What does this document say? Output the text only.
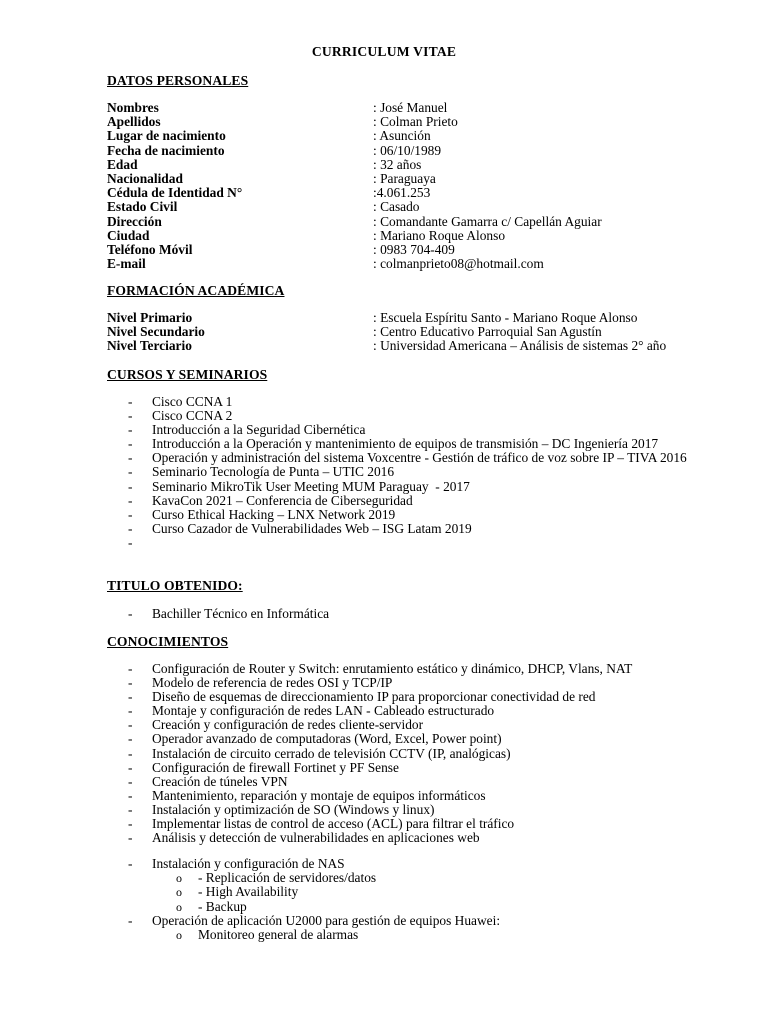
CURRICULUM VITAE
DATOS PERSONALES
Nombres	: José Manuel
Apellidos	: Colman Prieto
Lugar de nacimiento	: Asunción
Fecha de nacimiento	: 06/10/1989
Edad	: 32 años
Nacionalidad	: Paraguaya
Cédula de Identidad N°	:4.061.253
Estado Civil	: Casado
Dirección	: Comandante Gamarra c/ Capellán Aguiar
Ciudad	: Mariano Roque Alonso
Teléfono Móvil	: 0983 704-409
E-mail	: colmanprieto08@hotmail.com
FORMACIÓN ACADÉMICA
Nivel Primario	: Escuela Espíritu Santo - Mariano Roque Alonso
Nivel Secundario	: Centro Educativo Parroquial San Agustín
Nivel Terciario	: Universidad Americana – Análisis de sistemas 2° año
CURSOS Y SEMINARIOS
- Cisco CCNA 1
- Cisco CCNA 2
- Introducción a la Seguridad Cibernética
- Introducción a la Operación y mantenimiento de equipos de transmisión – DC Ingeniería 2017
- Operación y administración del sistema Voxcentre - Gestión de tráfico de voz sobre IP – TIVA 2016
- Seminario Tecnología de Punta – UTIC 2016
- Seminario MikroTik User Meeting MUM Paraguay  - 2017
- KavaCon 2021 – Conferencia de Ciberseguridad
- Curso Ethical Hacking – LNX Network 2019
- Curso Cazador de Vulnerabilidades Web – ISG Latam 2019
-
TITULO OBTENIDO:
- Bachiller Técnico en Informática
CONOCIMIENTOS
- Configuración de Router y Switch: enrutamiento estático y dinámico, DHCP, Vlans, NAT
- Modelo de referencia de redes OSI y TCP/IP
- Diseño de esquemas de direccionamiento IP para proporcionar conectividad de red
- Montaje y configuración de redes LAN - Cableado estructurado
- Creación y configuración de redes cliente-servidor
- Operador avanzado de computadoras (Word, Excel, Power point)
- Instalación de circuito cerrado de televisión CCTV (IP, analógicas)
- Configuración de firewall Fortinet y PF Sense
- Creación de túneles VPN
- Mantenimiento, reparación y montaje de equipos informáticos
- Instalación y optimización de SO (Windows y linux)
- Implementar listas de control de acceso (ACL) para filtrar el tráfico
- Análisis y detección de vulnerabilidades en aplicaciones web
- Instalación y configuración de NAS
o - Replicación de servidores/datos
o - High Availability
o - Backup
- Operación de aplicación U2000 para gestión de equipos Huawei:
o Monitoreo general de alarmas
